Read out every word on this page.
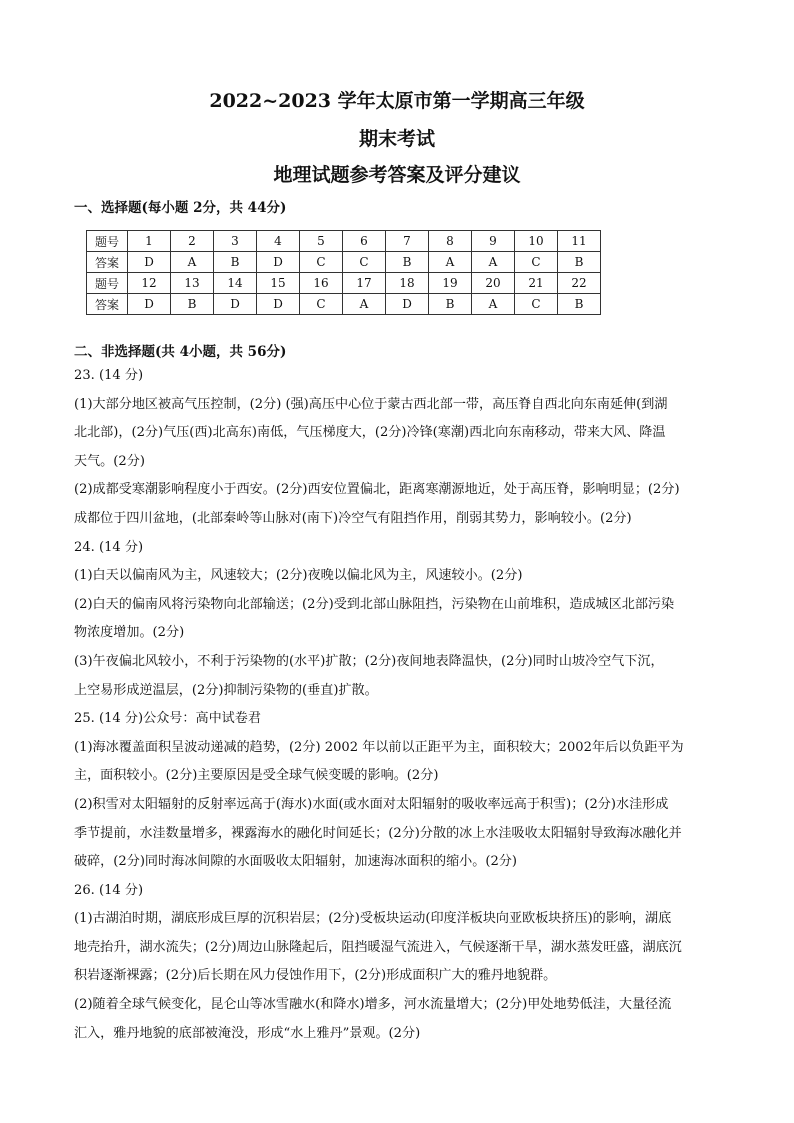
2022~2023 学年太原市第一学期高三年级
期末考试
地理试题参考答案及评分建议
一、选择题(每小题 2分，共 44分)
题号	1	2	3	4	5	6	7	8	9	10	11
答案	D	A	B	D	C	C	B	A	A	C	B
题号	12	13	14	15	16	17	18	19	20	21	22
答案	D	B	D	D	C	A	D	B	A	C	B
二、非选择题(共 4小题，共 56分)

23. (14 分)

(1)大部分地区被高气压控制，(2分) (强)高压中心位于蒙古西北部一带，高压脊自西北向东南延伸(到湖

北北部)，(2分)气压(西)北高东)南低，气压梯度大，(2分)冷锋(寒潮)西北向东南移动，带来大风、降温

天气。(2分)

(2)成都受寒潮影响程度小于西安。(2分)西安位置偏北，距离寒潮源地近，处于高压脊，影响明显；(2分)

成都位于四川盆地，(北部秦岭等山脉对(南下)冷空气有阻挡作用，削弱其势力，影响较小。(2分)

24. (14 分)

(1)白天以偏南风为主，风速较大；(2分)夜晚以偏北风为主，风速较小。(2分)

(2)白天的偏南风将污染物向北部输送；(2分)受到北部山脉阻挡，污染物在山前堆积，造成城区北部污染

物浓度增加。(2分)

(3)午夜偏北风较小，不利于污染物的(水平)扩散；(2分)夜间地表降温快，(2分)同时山坡冷空气下沉，

上空易形成逆温层，(2分)抑制污染物的(垂直)扩散。

25. (14 分)公众号：高中试卷君

(1)海冰覆盖面积呈波动递减的趋势，(2分) 2002 年以前以正距平为主，面积较大；2002年后以负距平为

主，面积较小。(2分)主要原因是受全球气候变暖的影响。(2分)

(2)积雪对太阳辐射的反射率远高于(海水)水面(或水面对太阳辐射的吸收率远高于积雪)；(2分)水洼形成

季节提前，水洼数量增多，裸露海水的融化时间延长；(2分)分散的冰上水洼吸收太阳辐射导致海冰融化并

破碎，(2分)同时海冰间隙的水面吸收太阳辐射，加速海冰面积的缩小。(2分)

26. (14 分)

(1)古湖泊时期，湖底形成巨厚的沉积岩层；(2分)受板块运动(印度洋板块向亚欧板块挤压)的影响，湖底

地壳抬升，湖水流失；(2分)周边山脉隆起后，阻挡暖湿气流进入，气候逐渐干旱，湖水蒸发旺盛，湖底沉

积岩逐渐裸露；(2分)后长期在风力侵蚀作用下，(2分)形成面积广大的雅丹地貌群。

(2)随着全球气候变化，昆仑山等冰雪融水(和降水)增多，河水流量增大；(2分)甲处地势低洼，大量径流

汇入，雅丹地貌的底部被淹没，形成“水上雅丹”景观。(2分)
